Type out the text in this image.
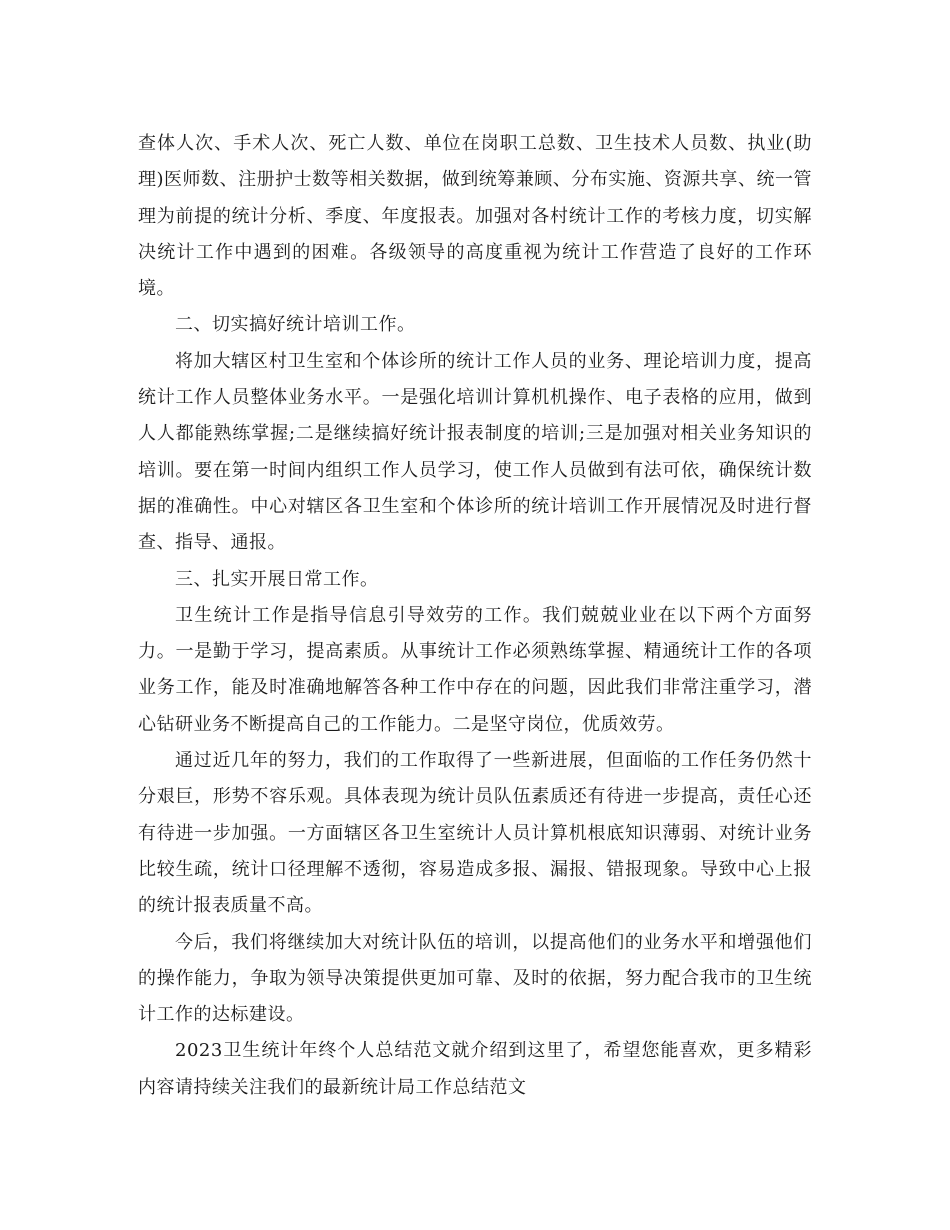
查体人次、手术人次、死亡人数、单位在岗职工总数、卫生技术人员数、执业(助理)医师数、注册护士数等相关数据，做到统筹兼顾、分布实施、资源共享、统一管理为前提的统计分析、季度、年度报表。加强对各村统计工作的考核力度，切实解决统计工作中遇到的困难。各级领导的高度重视为统计工作营造了良好的工作环境。

二、切实搞好统计培训工作。

将加大辖区村卫生室和个体诊所的统计工作人员的业务、理论培训力度，提高统计工作人员整体业务水平。一是强化培训计算机机操作、电子表格的应用，做到人人都能熟练掌握;二是继续搞好统计报表制度的培训;三是加强对相关业务知识的培训。要在第一时间内组织工作人员学习，使工作人员做到有法可依，确保统计数据的准确性。中心对辖区各卫生室和个体诊所的统计培训工作开展情况及时进行督查、指导、通报。

三、扎实开展日常工作。

卫生统计工作是指导信息引导效劳的工作。我们兢兢业业在以下两个方面努力。一是勤于学习，提高素质。从事统计工作必须熟练掌握、精通统计工作的各项业务工作，能及时准确地解答各种工作中存在的问题，因此我们非常注重学习，潜心钻研业务不断提高自己的工作能力。二是坚守岗位，优质效劳。

通过近几年的努力，我们的工作取得了一些新进展，但面临的工作任务仍然十分艰巨，形势不容乐观。具体表现为统计员队伍素质还有待进一步提高，责任心还有待进一步加强。一方面辖区各卫生室统计人员计算机根底知识薄弱、对统计业务比较生疏，统计口径理解不透彻，容易造成多报、漏报、错报现象。导致中心上报的统计报表质量不高。

今后，我们将继续加大对统计队伍的培训，以提高他们的业务水平和增强他们的操作能力，争取为领导决策提供更加可靠、及时的依据，努力配合我市的卫生统计工作的达标建设。

2023卫生统计年终个人总结范文就介绍到这里了，希望您能喜欢，更多精彩内容请持续关注我们的最新统计局工作总结范文
